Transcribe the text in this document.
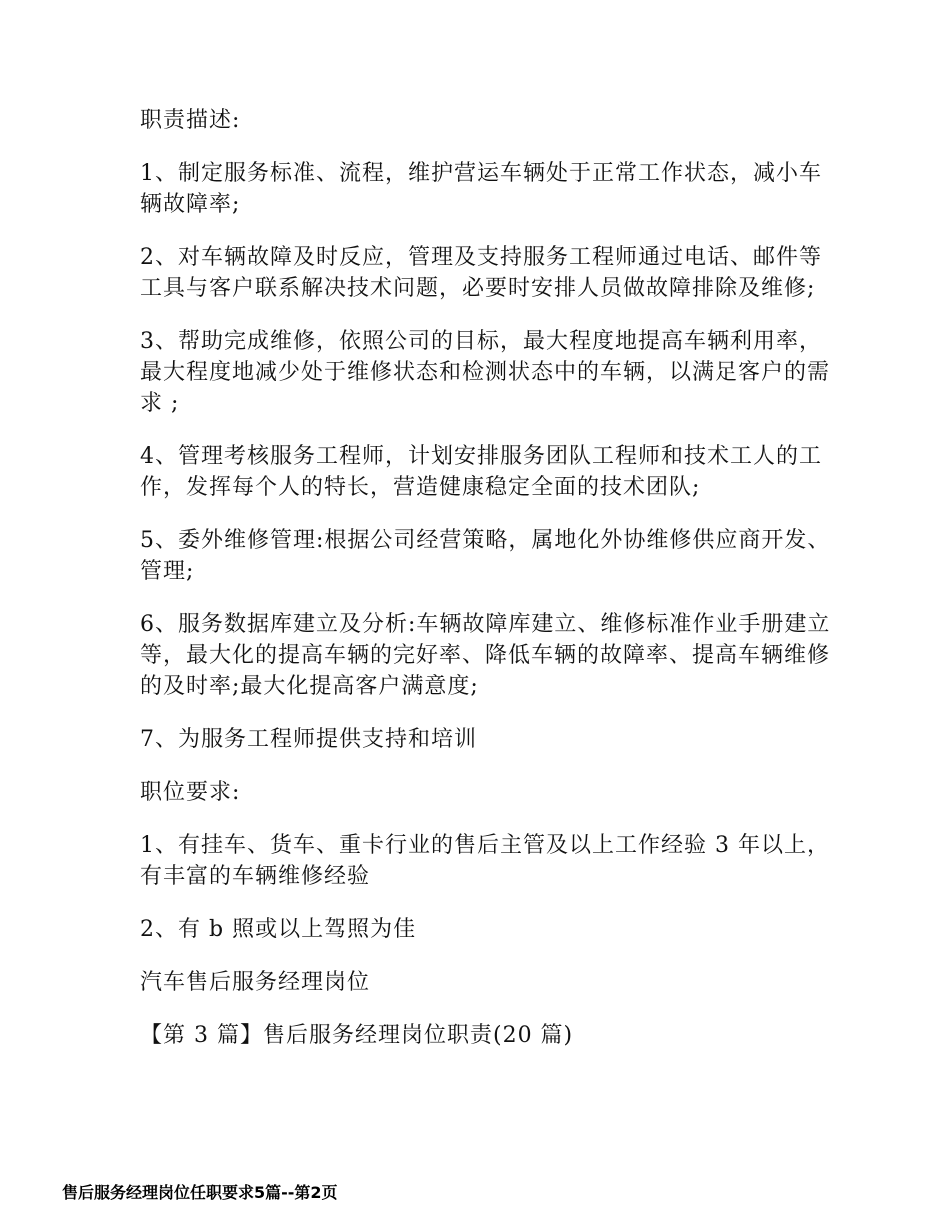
职责描述:

1、制定服务标准、流程，维护营运车辆处于正常工作状态，减小车辆故障率;

2、对车辆故障及时反应，管理及支持服务工程师通过电话、邮件等工具与客户联系解决技术问题，必要时安排人员做故障排除及维修;

3、帮助完成维修，依照公司的目标，最大程度地提高车辆利用率，最大程度地减少处于维修状态和检测状态中的车辆，以满足客户的需求 ;

4、管理考核服务工程师，计划安排服务团队工程师和技术工人的工作，发挥每个人的特长，营造健康稳定全面的技术团队;

5、委外维修管理:根据公司经营策略，属地化外协维修供应商开发、管理;

6、服务数据库建立及分析:车辆故障库建立、维修标准作业手册建立等，最大化的提高车辆的完好率、降低车辆的故障率、提高车辆维修的及时率;最大化提高客户满意度;

7、为服务工程师提供支持和培训

职位要求:

1、有挂车、货车、重卡行业的售后主管及以上工作经验 3 年以上，有丰富的车辆维修经验

2、有 b 照或以上驾照为佳

汽车售后服务经理岗位

【第 3 篇】售后服务经理岗位职责(20 篇)

售后服务经理岗位任职要求5篇--第2页
